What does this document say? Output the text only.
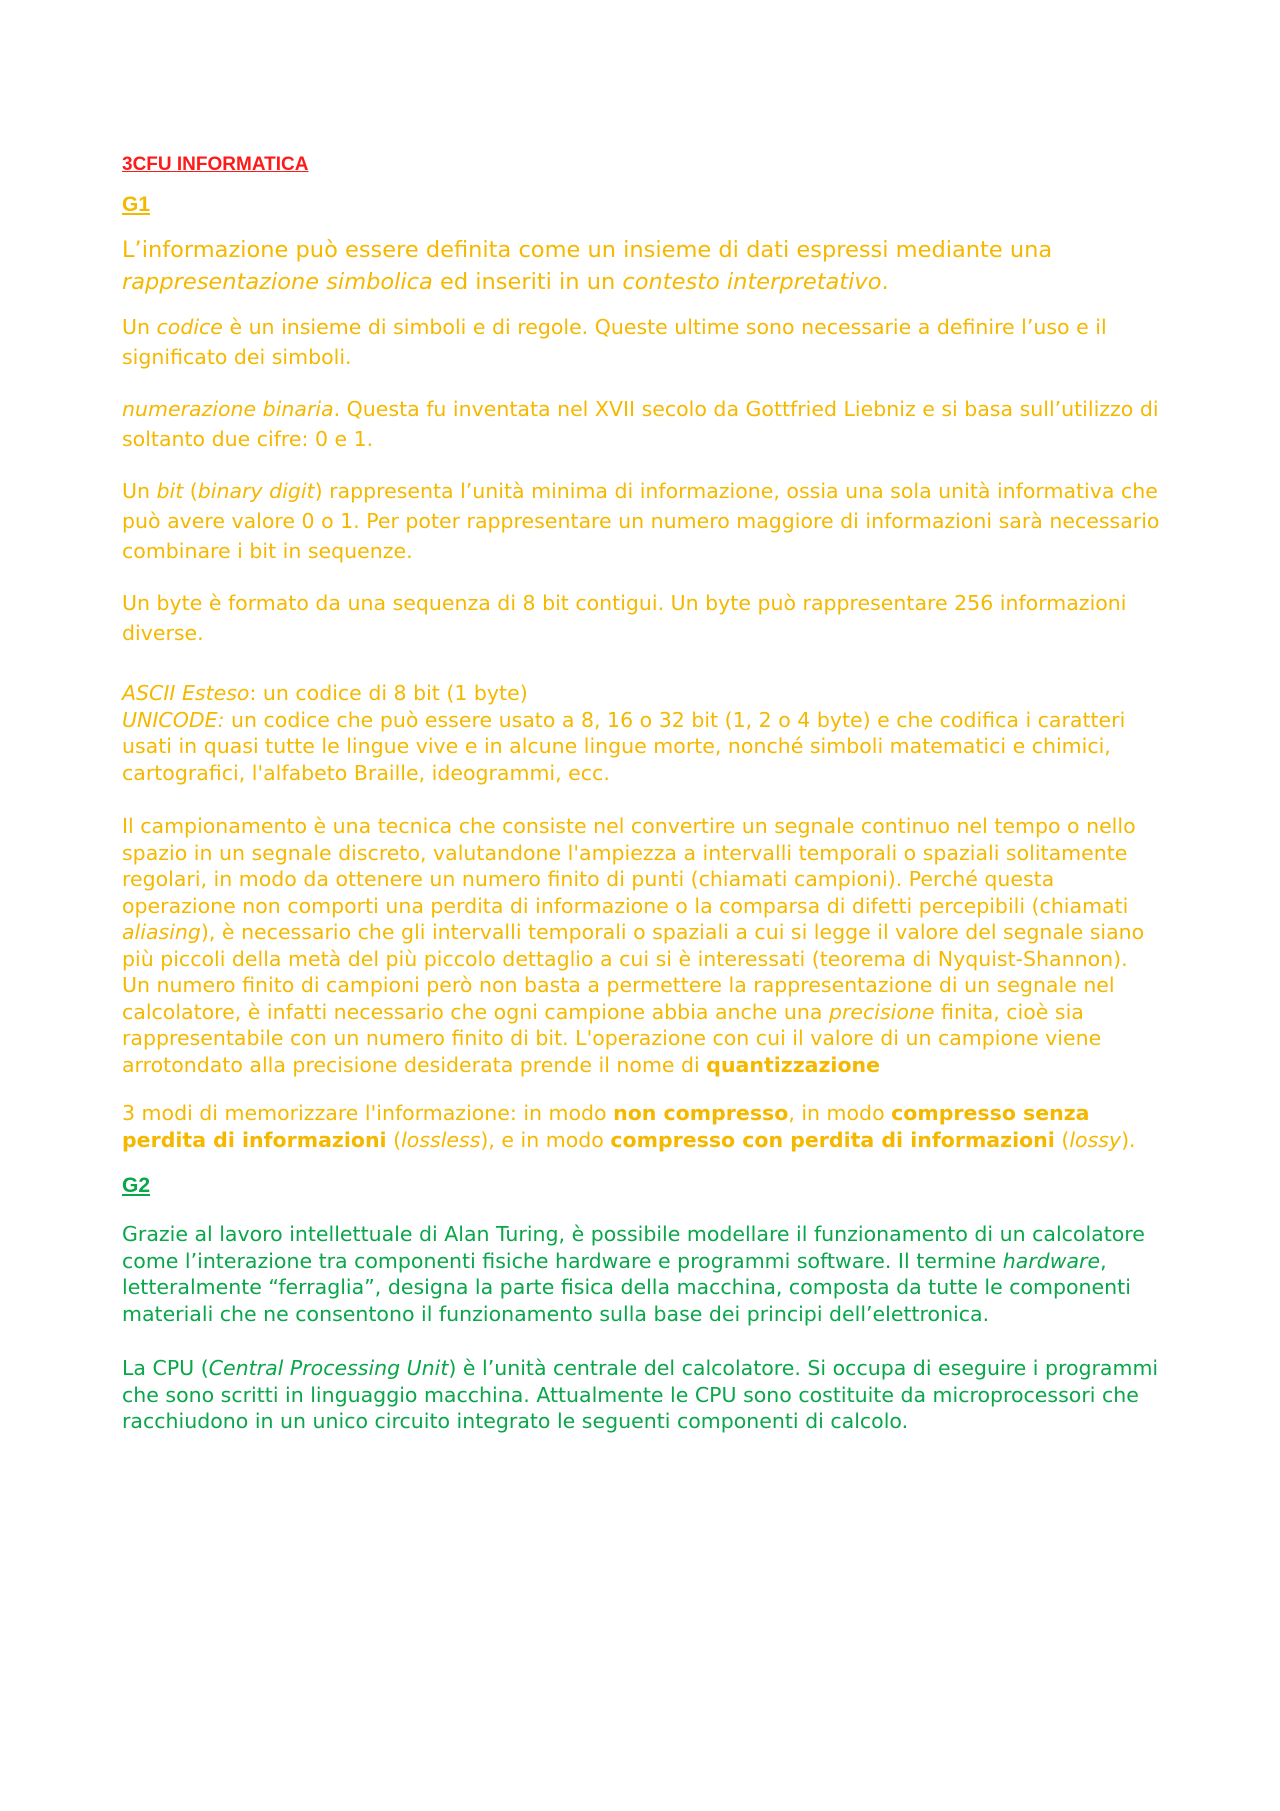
3CFU INFORMATICA

G1

L’informazione può essere definita come un insieme di dati espressi mediante una rappresentazione simbolica ed inseriti in un contesto interpretativo.

Un codice è un insieme di simboli e di regole. Queste ultime sono necessarie a definire l’uso e il significato dei simboli.

numerazione binaria. Questa fu inventata nel XVII secolo da Gottfried Liebniz e si basa sull’utilizzo di soltanto due cifre: 0 e 1.

Un bit (binary digit) rappresenta l’unità minima di informazione, ossia una sola unità informativa che può avere valore 0 o 1. Per poter rappresentare un numero maggiore di informazioni sarà necessario combinare i bit in sequenze.

Un byte è formato da una sequenza di 8 bit contigui. Un byte può rappresentare 256 informazioni diverse.

ASCII Esteso: un codice di 8 bit (1 byte)

UNICODE: un codice che può essere usato a 8, 16 o 32 bit (1, 2 o 4 byte) e che codifica i caratteri usati in quasi tutte le lingue vive e in alcune lingue morte, nonché simboli matematici e chimici, cartografici, l'alfabeto Braille, ideogrammi, ecc.

Il campionamento è una tecnica che consiste nel convertire un segnale continuo nel tempo o nello spazio in un segnale discreto, valutandone l'ampiezza a intervalli temporali o spaziali solitamente regolari, in modo da ottenere un numero finito di punti (chiamati campioni). Perché questa operazione non comporti una perdita di informazione o la comparsa di difetti percepibili (chiamati aliasing), è necessario che gli intervalli temporali o spaziali a cui si legge il valore del segnale siano più piccoli della metà del più piccolo dettaglio a cui si è interessati (teorema di Nyquist-Shannon).

Un numero finito di campioni però non basta a permettere la rappresentazione di un segnale nel calcolatore, è infatti necessario che ogni campione abbia anche una precisione finita, cioè sia rappresentabile con un numero finito di bit. L'operazione con cui il valore di un campione viene arrotondato alla precisione desiderata prende il nome di quantizzazione

3 modi di memorizzare l'informazione: in modo non compresso, in modo compresso senza perdita di informazioni (lossless), e in modo compresso con perdita di informazioni (lossy).

G2

Grazie al lavoro intellettuale di Alan Turing, è possibile modellare il funzionamento di un calcolatore come l’interazione tra componenti fisiche hardware e programmi software. Il termine hardware, letteralmente “ferraglia”, designa la parte fisica della macchina, composta da tutte le componenti materiali che ne consentono il funzionamento sulla base dei principi dell’elettronica.

La CPU (Central Processing Unit) è l’unità centrale del calcolatore. Si occupa di eseguire i programmi che sono scritti in linguaggio macchina. Attualmente le CPU sono costituite da microprocessori che racchiudono in un unico circuito integrato le seguenti componenti di calcolo.
